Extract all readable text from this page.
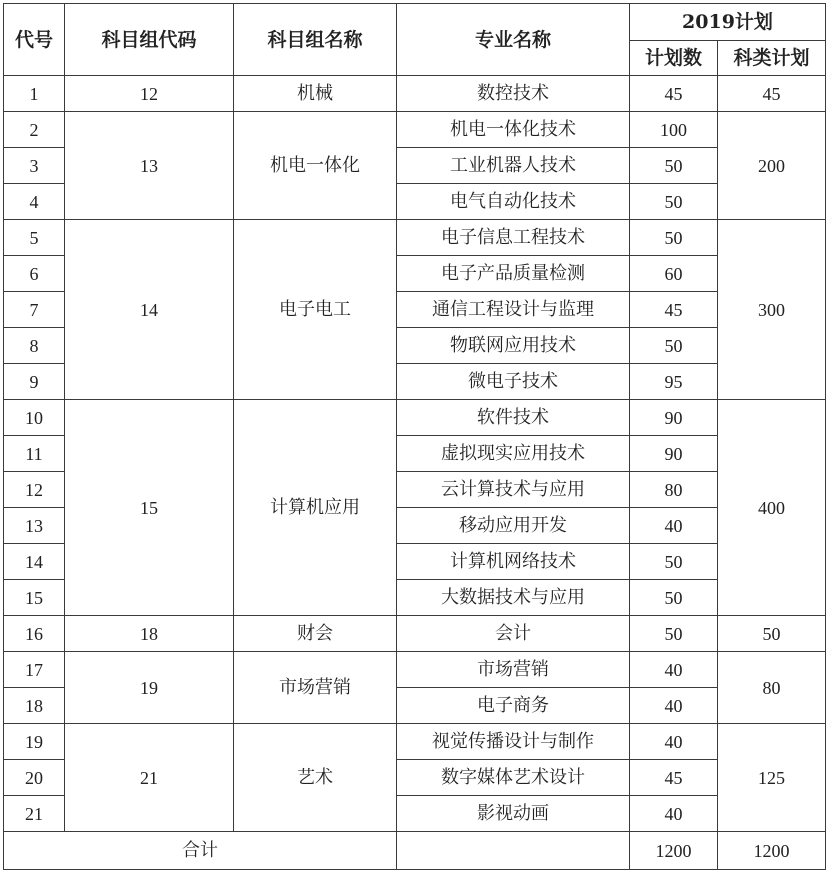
代号	科目组代码	科目组名称	专业名称	2019计划	
				计划数	科类计划
1	12	机械	数控技术	45	45
2	13	机电一体化	机电一体化技术	100	200
3			工业机器人技术	50	
4			电气自动化技术	50	
5	14	电子电工	电子信息工程技术	50	300
6			电子产品质量检测	60	
7			通信工程设计与监理	45	
8			物联网应用技术	50	
9			微电子技术	95	
10	15	计算机应用	软件技术	90	400
11			虚拟现实应用技术	90	
12			云计算技术与应用	80	
13			移动应用开发	40	
14			计算机网络技术	50	
15			大数据技术与应用	50	
16	18	财会	会计	50	50
17	19	市场营销	市场营销	40	80
18			电子商务	40	
19	21	艺术	视觉传播设计与制作	40	125
20			数字媒体艺术设计	45	
21			影视动画	40	
合计				1200	1200
